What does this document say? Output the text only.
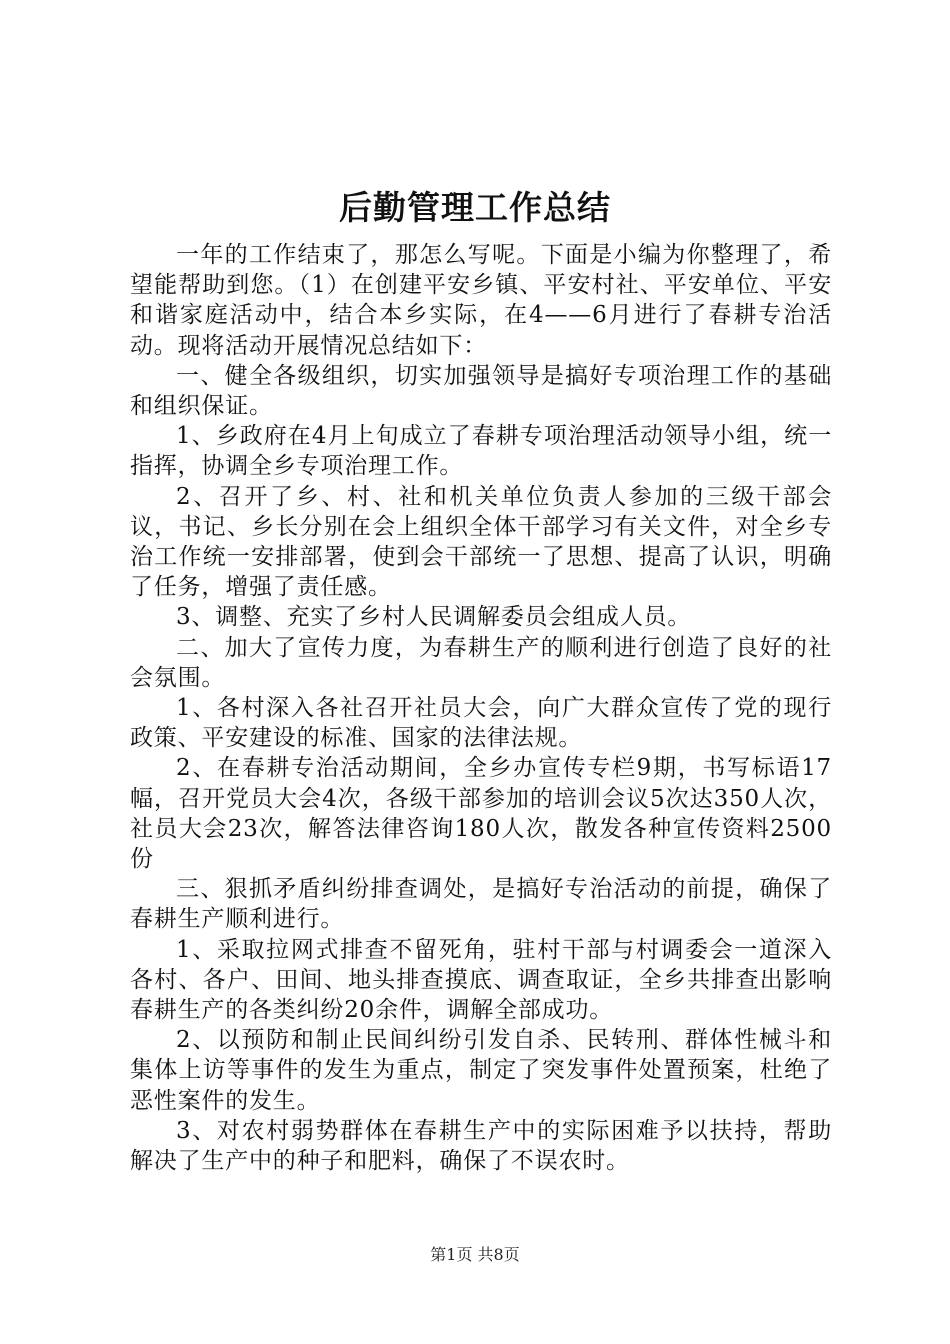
后勤管理工作总结

一年的工作结束了，那怎么写呢。下面是小编为你整理了，希望能帮助到您。（1）在创建平安乡镇、平安村社、平安单位、平安和谐家庭活动中，结合本乡实际，在4——6月进行了春耕专治活动。现将活动开展情况总结如下：

一、健全各级组织，切实加强领导是搞好专项治理工作的基础和组织保证。

1、乡政府在4月上旬成立了春耕专项治理活动领导小组，统一指挥，协调全乡专项治理工作。

2、召开了乡、村、社和机关单位负责人参加的三级干部会议，书记、乡长分别在会上组织全体干部学习有关文件，对全乡专治工作统一安排部署，使到会干部统一了思想、提高了认识，明确了任务，增强了责任感。

3、调整、充实了乡村人民调解委员会组成人员。

二、加大了宣传力度，为春耕生产的顺利进行创造了良好的社会氛围。

1、各村深入各社召开社员大会，向广大群众宣传了党的现行政策、平安建设的标准、国家的法律法规。

2、在春耕专治活动期间，全乡办宣传专栏9期，书写标语17幅，召开党员大会4次，各级干部参加的培训会议5次达350人次，社员大会23次，解答法律咨询180人次，散发各种宣传资料2500份

三、狠抓矛盾纠纷排查调处，是搞好专治活动的前提，确保了春耕生产顺利进行。

1、采取拉网式排查不留死角，驻村干部与村调委会一道深入各村、各户、田间、地头排查摸底、调查取证，全乡共排查出影响春耕生产的各类纠纷20余件，调解全部成功。

2、以预防和制止民间纠纷引发自杀、民转刑、群体性械斗和集体上访等事件的发生为重点，制定了突发事件处置预案，杜绝了恶性案件的发生。

3、对农村弱势群体在春耕生产中的实际困难予以扶持，帮助解决了生产中的种子和肥料，确保了不误农时。

第1页 共8页
